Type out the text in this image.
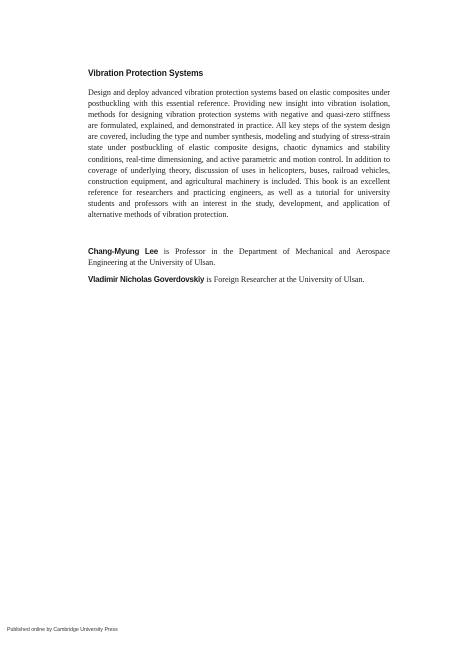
Vibration Protection Systems

Design and deploy advanced vibration protection systems based on elastic composites under postbuckling with this essential reference. Providing new insight into vibration isolation, methods for designing vibration protection systems with negative and quasi-zero stiffness are formulated, explained, and demonstrated in practice. All key steps of the system design are covered, including the type and number synthesis, modeling and studying of stress-strain state under postbuckling of elastic composite designs, chaotic dynamics and stability conditions, real-time dimensioning, and active parametric and motion control. In addition to coverage of underlying theory, discussion of uses in helicopters, buses, railroad vehicles, construction equipment, and agricultural machinery is included. This book is an excellent reference for researchers and practicing engineers, as well as a tutorial for university students and professors with an interest in the study, development, and application of alternative methods of vibration protection.

Chang-Myung Lee is Professor in the Department of Mechanical and Aerospace Engineering at the University of Ulsan.

Vladimir Nicholas Goverdovskiy is Foreign Researcher at the University of Ulsan.

Published online by Cambridge University Press
